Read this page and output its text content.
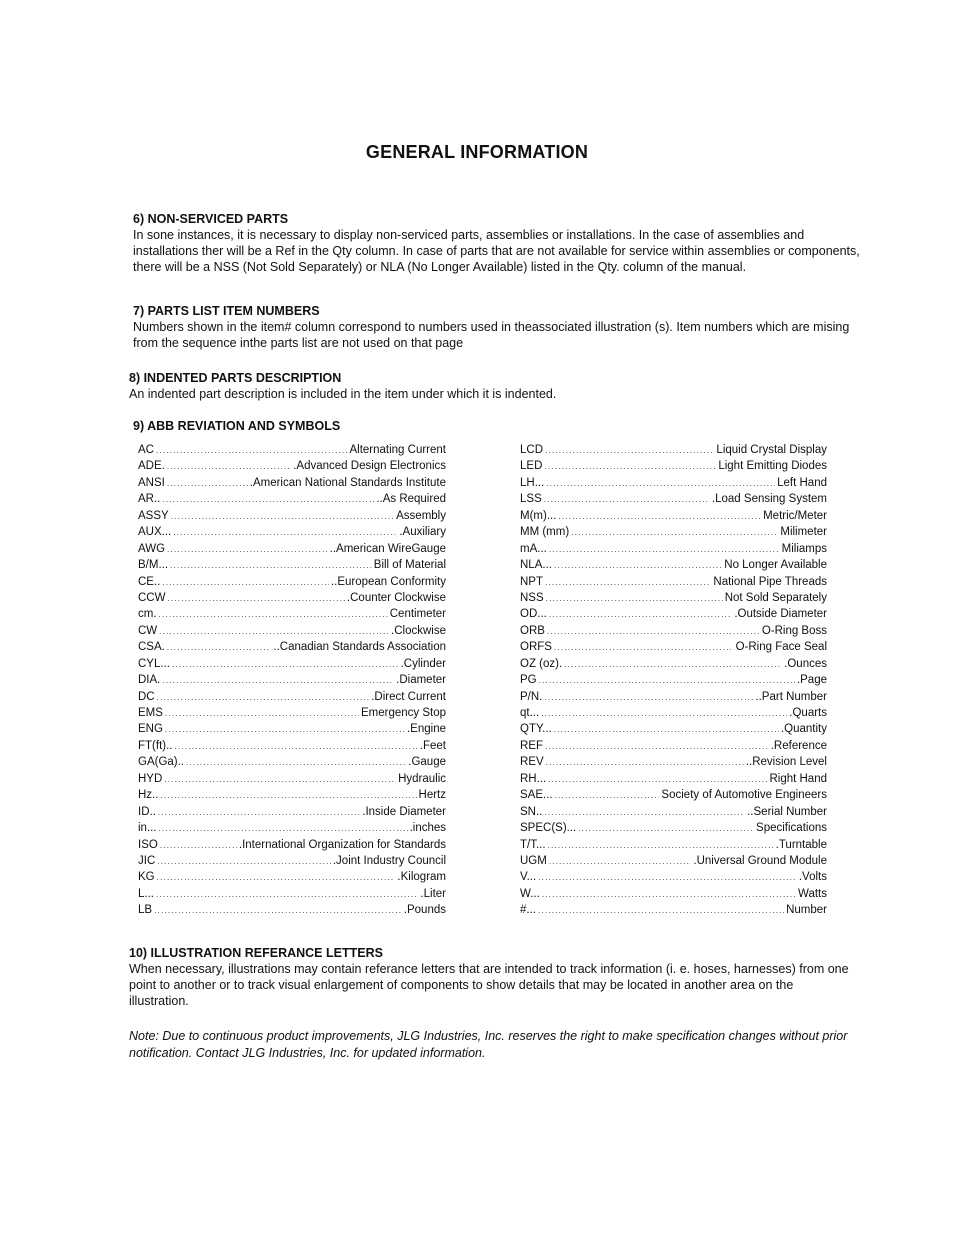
GENERAL INFORMATION
6) NON-SERVICED PARTS
In sone instances, it is necessary to display non-serviced parts, assemblies or installations. In the case of assemblies and installations ther will be a Ref in the Qty column. In case of parts that are not available for service within assemblies or components, there will be a NSS (Not Sold Separately) or NLA (No Longer Available) listed in the Qty. column of the manual.
7) PARTS LIST ITEM NUMBERS
Numbers shown in the item# column correspond to numbers used in theassociated illustration (s). Item numbers which are mising from the sequence inthe parts list are not used on that page
8) INDENTED PARTS DESCRIPTION
An indented part description is included in the item under which it is indented.
9) ABB REVIATION AND SYMBOLS
AC . . .	Alternating Current
ADE. . . .	.Advanced Design Electronics
ANSI . . .	.American National Standards Institute
AR.. . . .	..As Required
ASSY . . .	Assembly
AUX... . . .	.Auxiliary
AWG . . .	..American WireGauge
B/M... . . .	Bill of Material
CE.. . . .	..European Conformity
CCW . . .	.Counter Clockwise
cm. . . .	Centimeter
CW . . .	.Clockwise
CSA. . . .	..Canadian Standards Association
CYL... . . .	.Cylinder
DIA. . . .	.Diameter
DC . . .	.Direct Current
EMS . . .	Emergency Stop
ENG . . .	.Engine
FT(ft).. . . .	.Feet
GA(Ga).. . . .	.Gauge
HYD . . .	Hydraulic
Hz.. . . .	Hertz
ID.. . . .	.Inside Diameter
in... . . .	.inches
ISO . . .	.International Organization for Standards
JIC . . .	.Joint Industry Council
KG . . .	.Kilogram
L... . . .	.Liter
LB . . .	.Pounds
LCD . . .	Liquid Crystal Display
LED . . .	Light Emitting Diodes
LH... . . .	Left Hand
LSS . . .	.Load Sensing System
M(m)... . . .	Metric/Meter
MM (mm) . . .	Milimeter
mA... . . .	Miliamps
NLA... . . .	No Longer Available
NPT . . .	National Pipe Threads
NSS . . .	Not Sold Separately
OD... . . .	.Outside Diameter
ORB . . .	O-Ring Boss
ORFS . . .	O-Ring Face Seal
OZ (oz). . . .	.Ounces
PG . . .	.Page
P/N. . . .	..Part Number
qt... . . .	.Quarts
QTY... . . .	.Quantity
REF . . .	.Reference
REV . . .	..Revision Level
RH... . . .	Right Hand
SAE... . . .	Society of Automotive Engineers
SN.. . . .	..Serial Number
SPEC(S)... . . .	Specifications
T/T... . . .	.Turntable
UGM . . .	.Universal Ground Module
V... . . .	.Volts
W... . . .	Watts
#... . . .	Number
10) ILLUSTRATION REFERANCE LETTERS
When necessary, illustrations may contain referance letters that are intended to track information (i. e. hoses, harnesses) from one point to another or to track visual enlargement of components to show details that may be located in another area on the illustration.
Note: Due to continuous product improvements, JLG Industries, Inc. reserves the right to make specification changes without prior notification. Contact JLG Industries, Inc. for updated information.
